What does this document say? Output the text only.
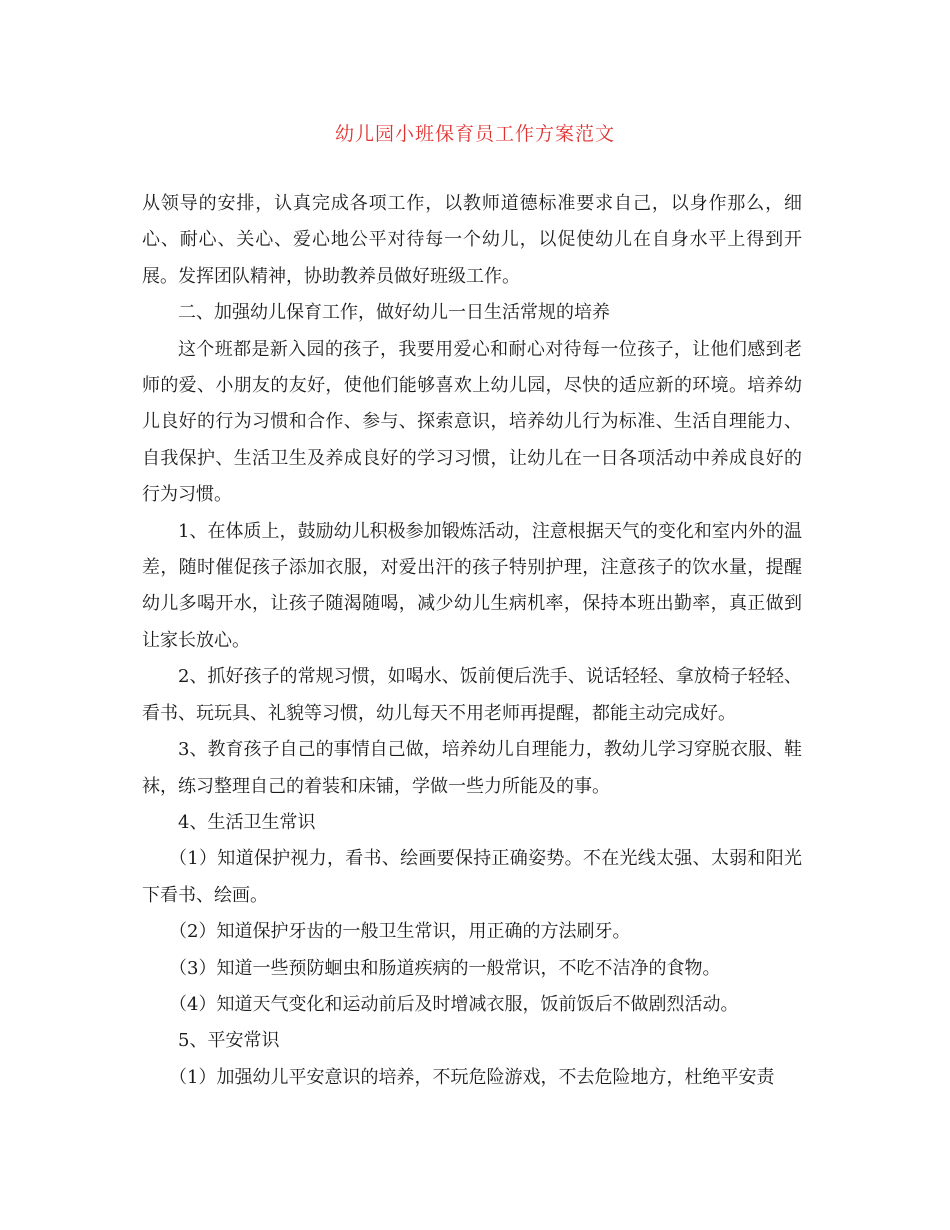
幼儿园小班保育员工作方案范文

从领导的安排，认真完成各项工作，以教师道德标准要求自己，以身作那么，细心、耐心、关心、爱心地公平对待每一个幼儿，以促使幼儿在自身水平上得到开展。发挥团队精神，协助教养员做好班级工作。

二、加强幼儿保育工作，做好幼儿一日生活常规的培养

这个班都是新入园的孩子，我要用爱心和耐心对待每一位孩子，让他们感到老师的爱、小朋友的友好，使他们能够喜欢上幼儿园，尽快的适应新的环境。培养幼儿良好的行为习惯和合作、参与、探索意识，培养幼儿行为标准、生活自理能力、自我保护、生活卫生及养成良好的学习习惯，让幼儿在一日各项活动中养成良好的行为习惯。

1、在体质上，鼓励幼儿积极参加锻炼活动，注意根据天气的变化和室内外的温差，随时催促孩子添加衣服，对爱出汗的孩子特别护理，注意孩子的饮水量，提醒幼儿多喝开水，让孩子随渴随喝，减少幼儿生病机率，保持本班出勤率，真正做到让家长放心。

2、抓好孩子的常规习惯，如喝水、饭前便后洗手、说话轻轻、拿放椅子轻轻、看书、玩玩具、礼貌等习惯，幼儿每天不用老师再提醒，都能主动完成好。

3、教育孩子自己的事情自己做，培养幼儿自理能力，教幼儿学习穿脱衣服、鞋袜，练习整理自己的着装和床铺，学做一些力所能及的事。

4、生活卫生常识

（1）知道保护视力，看书、绘画要保持正确姿势。不在光线太强、太弱和阳光下看书、绘画。

（2）知道保护牙齿的一般卫生常识，用正确的方法刷牙。

（3）知道一些预防蛔虫和肠道疾病的一般常识，不吃不洁净的食物。

（4）知道天气变化和运动前后及时增减衣服，饭前饭后不做剧烈活动。

5、平安常识

（1）加强幼儿平安意识的培养，不玩危险游戏，不去危险地方，杜绝平安责
